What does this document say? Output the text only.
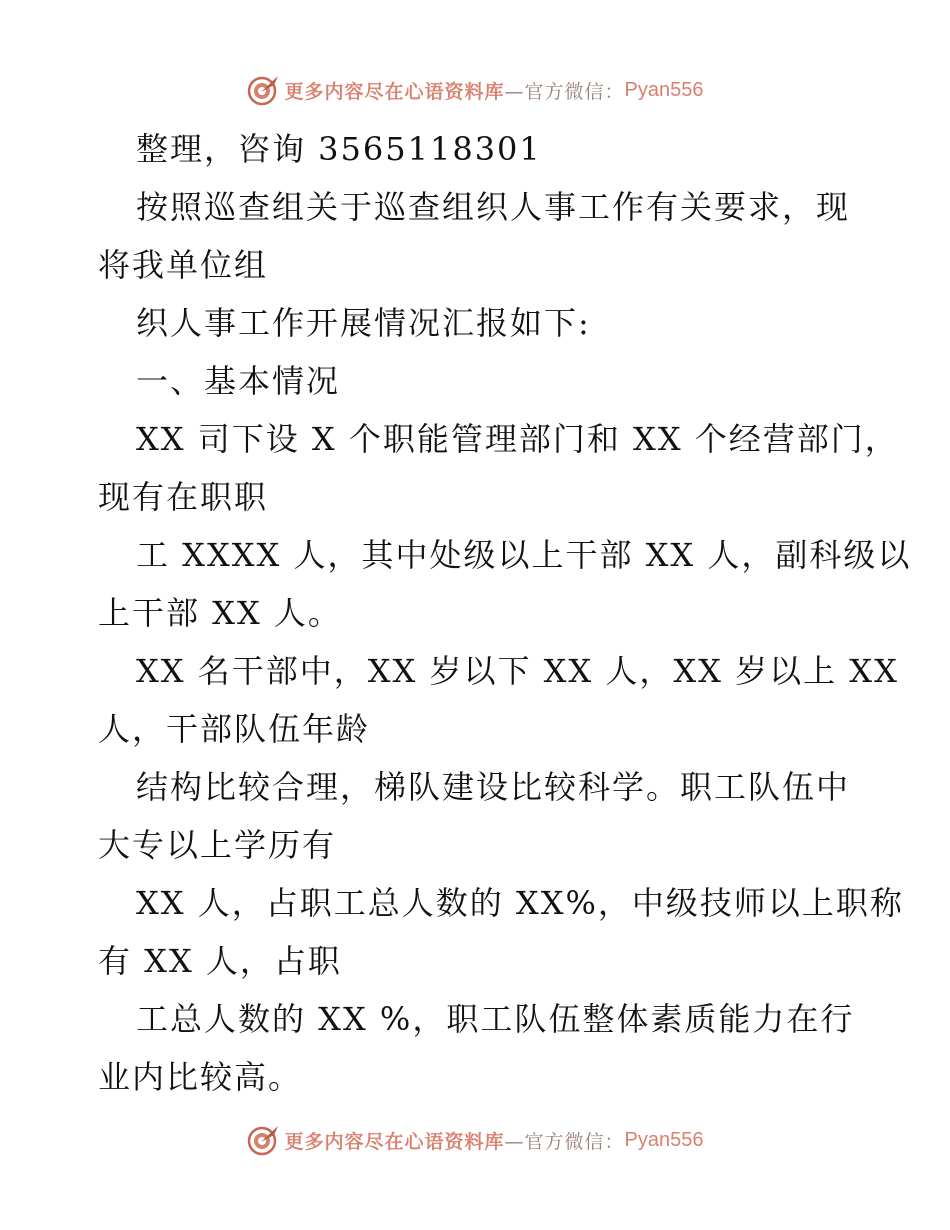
更多内容尽在心语资料库 —官方微信： Pyan556
整理，咨询 3565118301
按照巡查组关于巡查组织人事工作有关要求，现
将我单位组
织人事工作开展情况汇报如下:
一、基本情况
XX 司下设 X 个职能管理部门和 XX 个经营部门，
现有在职职
工 XXXX 人，其中处级以上干部 XX 人，副科级以
上干部 XX 人。
XX 名干部中，XX 岁以下 XX 人，XX 岁以上 XX
人，干部队伍年龄
结构比较合理，梯队建设比较科学。职工队伍中
大专以上学历有
XX 人，占职工总人数的 XX%，中级技师以上职称
有 XX 人，占职
工总人数的 XX %，职工队伍整体素质能力在行
业内比较高。
更多内容尽在心语资料库 —官方微信： Pyan556
